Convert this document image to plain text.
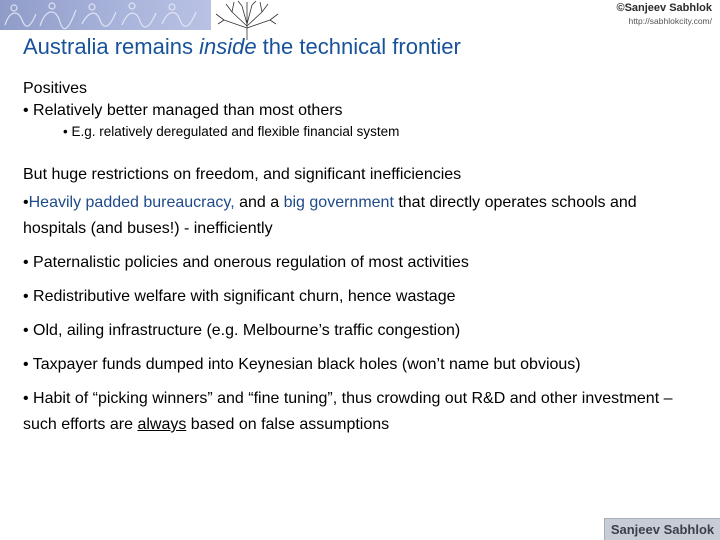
©Sanjeev Sabhlok
http://sabhlokcity.com/
Australia remains inside the technical frontier
Positives
• Relatively better managed than most others
• E.g. relatively deregulated and flexible financial system
But huge restrictions on freedom, and significant inefficiencies
•Heavily padded bureaucracy, and a big government that directly operates schools and hospitals (and buses!) - inefficiently
• Paternalistic policies and onerous regulation of most activities
• Redistributive welfare with significant churn, hence wastage
• Old, ailing infrastructure (e.g. Melbourne’s traffic congestion)
• Taxpayer funds dumped into Keynesian black holes (won’t name but obvious)
• Habit of “picking winners” and “fine tuning”, thus crowding out R&D and other investment – such efforts are always based on false assumptions
Sanjeev Sabhlok
